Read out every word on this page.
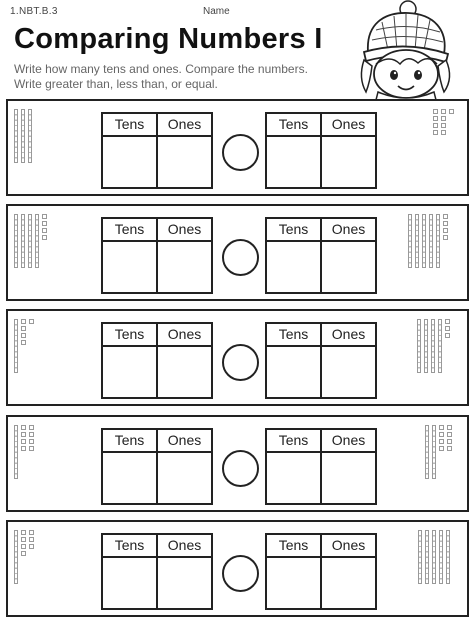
1.NBT.B.3	Name
Comparing Numbers I
Write how many tens and ones. Compare the numbers. Write greater than, less than, or equal.
Tens	Ones	Tens	Ones
Tens	Ones	Tens	Ones
Tens	Ones	Tens	Ones
Tens	Ones	Tens	Ones
Tens	Ones	Tens	Ones
